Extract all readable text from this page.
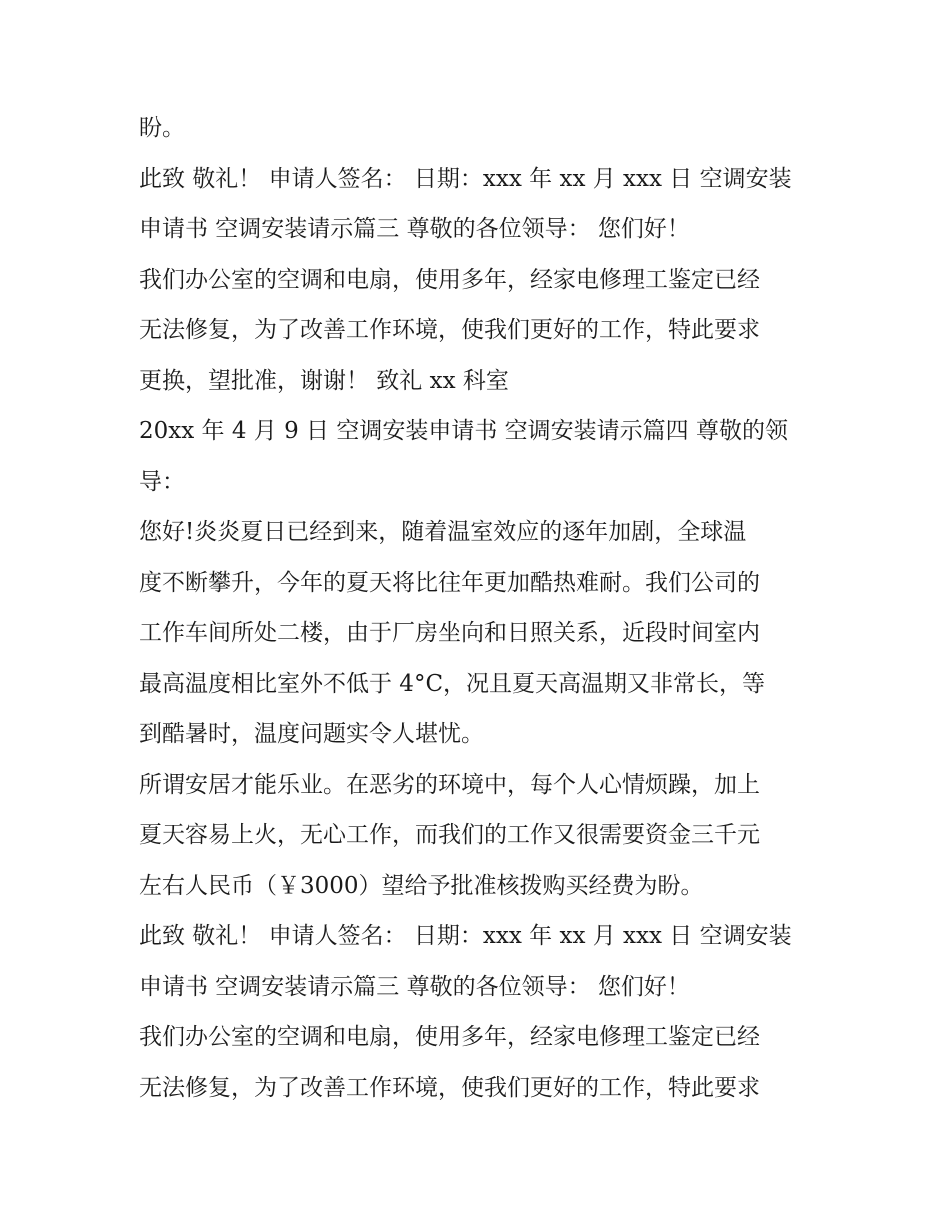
盼。
此致 敬礼！ 申请人签名： 日期：xxx 年 xx 月 xxx 日 空调安装
申请书 空调安装请示篇三 尊敬的各位领导： 您们好！
我们办公室的空调和电扇，使用多年，经家电修理工鉴定已经
无法修复，为了改善工作环境，使我们更好的工作，特此要求
更换，望批准，谢谢！ 致礼 xx 科室
20xx 年 4 月 9 日 空调安装申请书 空调安装请示篇四 尊敬的领
导：
您好!炎炎夏日已经到来，随着温室效应的逐年加剧，全球温
度不断攀升，今年的夏天将比往年更加酷热难耐。我们公司的
工作车间所处二楼，由于厂房坐向和日照关系，近段时间室内
最高温度相比室外不低于 4°C，况且夏天高温期又非常长，等
到酷暑时，温度问题实令人堪忧。
所谓安居才能乐业。在恶劣的环境中，每个人心情烦躁，加上
夏天容易上火，无心工作，而我们的工作又很需要资金三千元
左右人民币（￥3000）望给予批准核拨购买经费为盼。
此致 敬礼！ 申请人签名： 日期：xxx 年 xx 月 xxx 日 空调安装
申请书 空调安装请示篇三 尊敬的各位领导： 您们好！
我们办公室的空调和电扇，使用多年，经家电修理工鉴定已经
无法修复，为了改善工作环境，使我们更好的工作，特此要求
